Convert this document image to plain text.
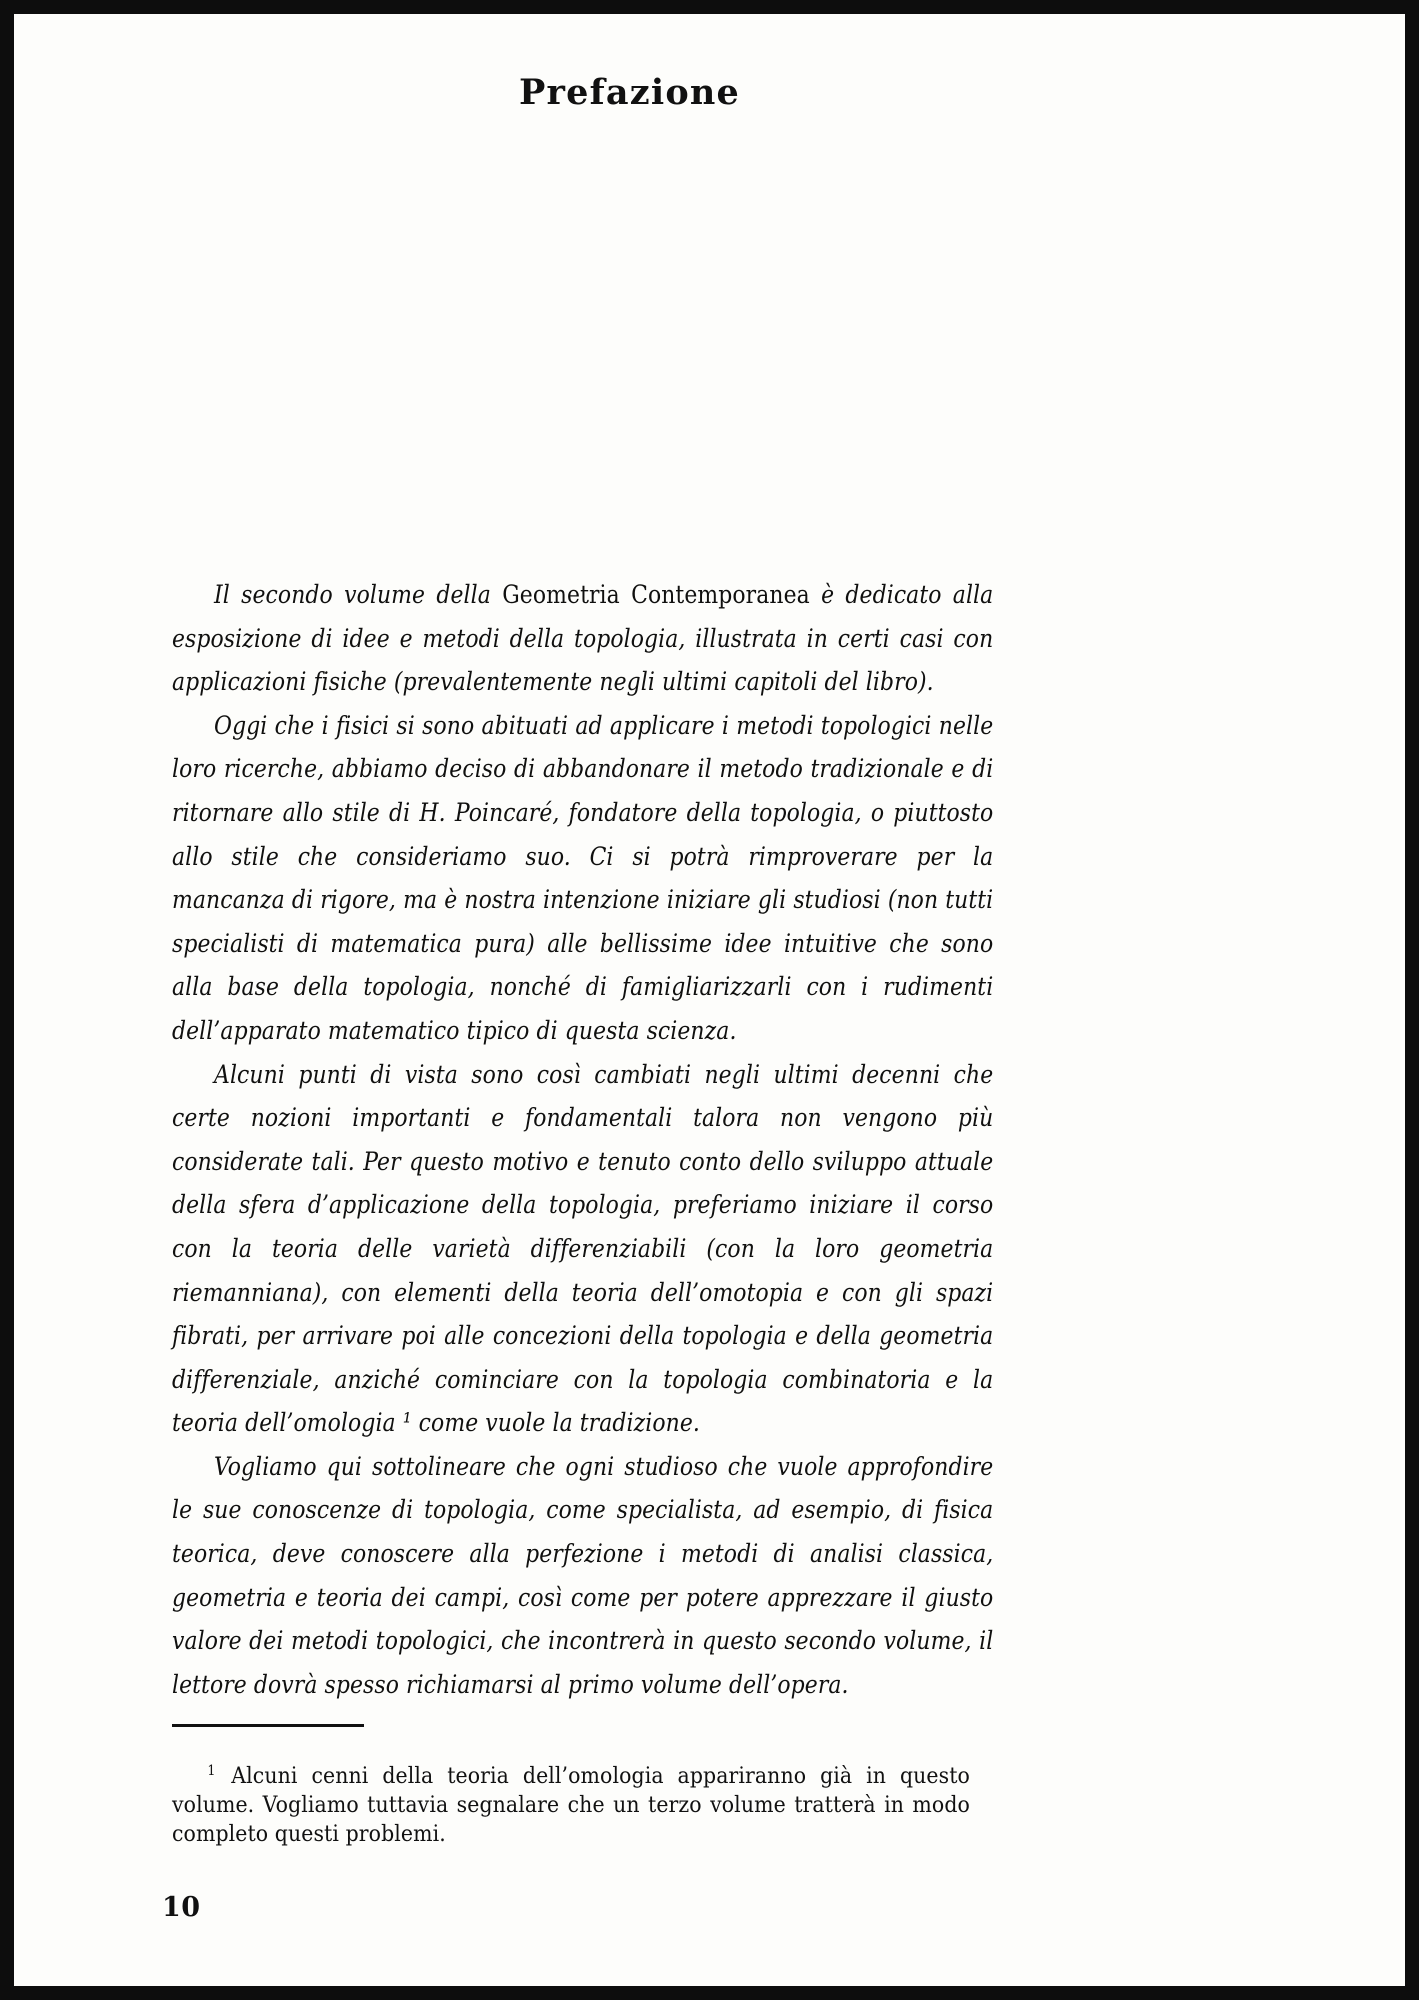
Prefazione

Il secondo volume della Geometria Contemporanea è dedicato alla esposizione di idee e metodi della topologia, illustrata in certi casi con applicazioni fisiche (prevalentemente negli ultimi capitoli del libro).

Oggi che i fisici si sono abituati ad applicare i metodi topologici nelle loro ricerche, abbiamo deciso di abbandonare il metodo tradizionale e di ritornare allo stile di H. Poincaré, fondatore della topologia, o piuttosto allo stile che consideriamo suo. Ci si potrà rimproverare per la mancanza di rigore, ma è nostra intenzione iniziare gli studiosi (non tutti specialisti di matematica pura) alle bellissime idee intuitive che sono alla base della topologia, nonché di famigliarizzarli con i rudimenti dell’apparato matematico tipico di questa scienza.

Alcuni punti di vista sono così cambiati negli ultimi decenni che certe nozioni importanti e fondamentali talora non vengono più considerate tali. Per questo motivo e tenuto conto dello sviluppo attuale della sfera d’applicazione della topologia, preferiamo iniziare il corso con la teoria delle varietà differenziabili (con la loro geometria riemanniana), con elementi della teoria dell’omotopia e con gli spazi fibrati, per arrivare poi alle concezioni della topologia e della geometria differenziale, anziché cominciare con la topologia combinatoria e la teoria dell’omologia ¹ come vuole la tradizione.

Vogliamo qui sottolineare che ogni studioso che vuole approfondire le sue conoscenze di topologia, come specialista, ad esempio, di fisica teorica, deve conoscere alla perfezione i metodi di analisi classica, geometria e teoria dei campi, così come per potere apprezzare il giusto valore dei metodi topologici, che incontrerà in questo secondo volume, il lettore dovrà spesso richiamarsi al primo volume dell’opera.

$^1$ Alcuni cenni della teoria dell’omologia appariranno già in questo volume. Vogliamo tuttavia segnalare che un terzo volume tratterà in modo completo questi problemi.

10
